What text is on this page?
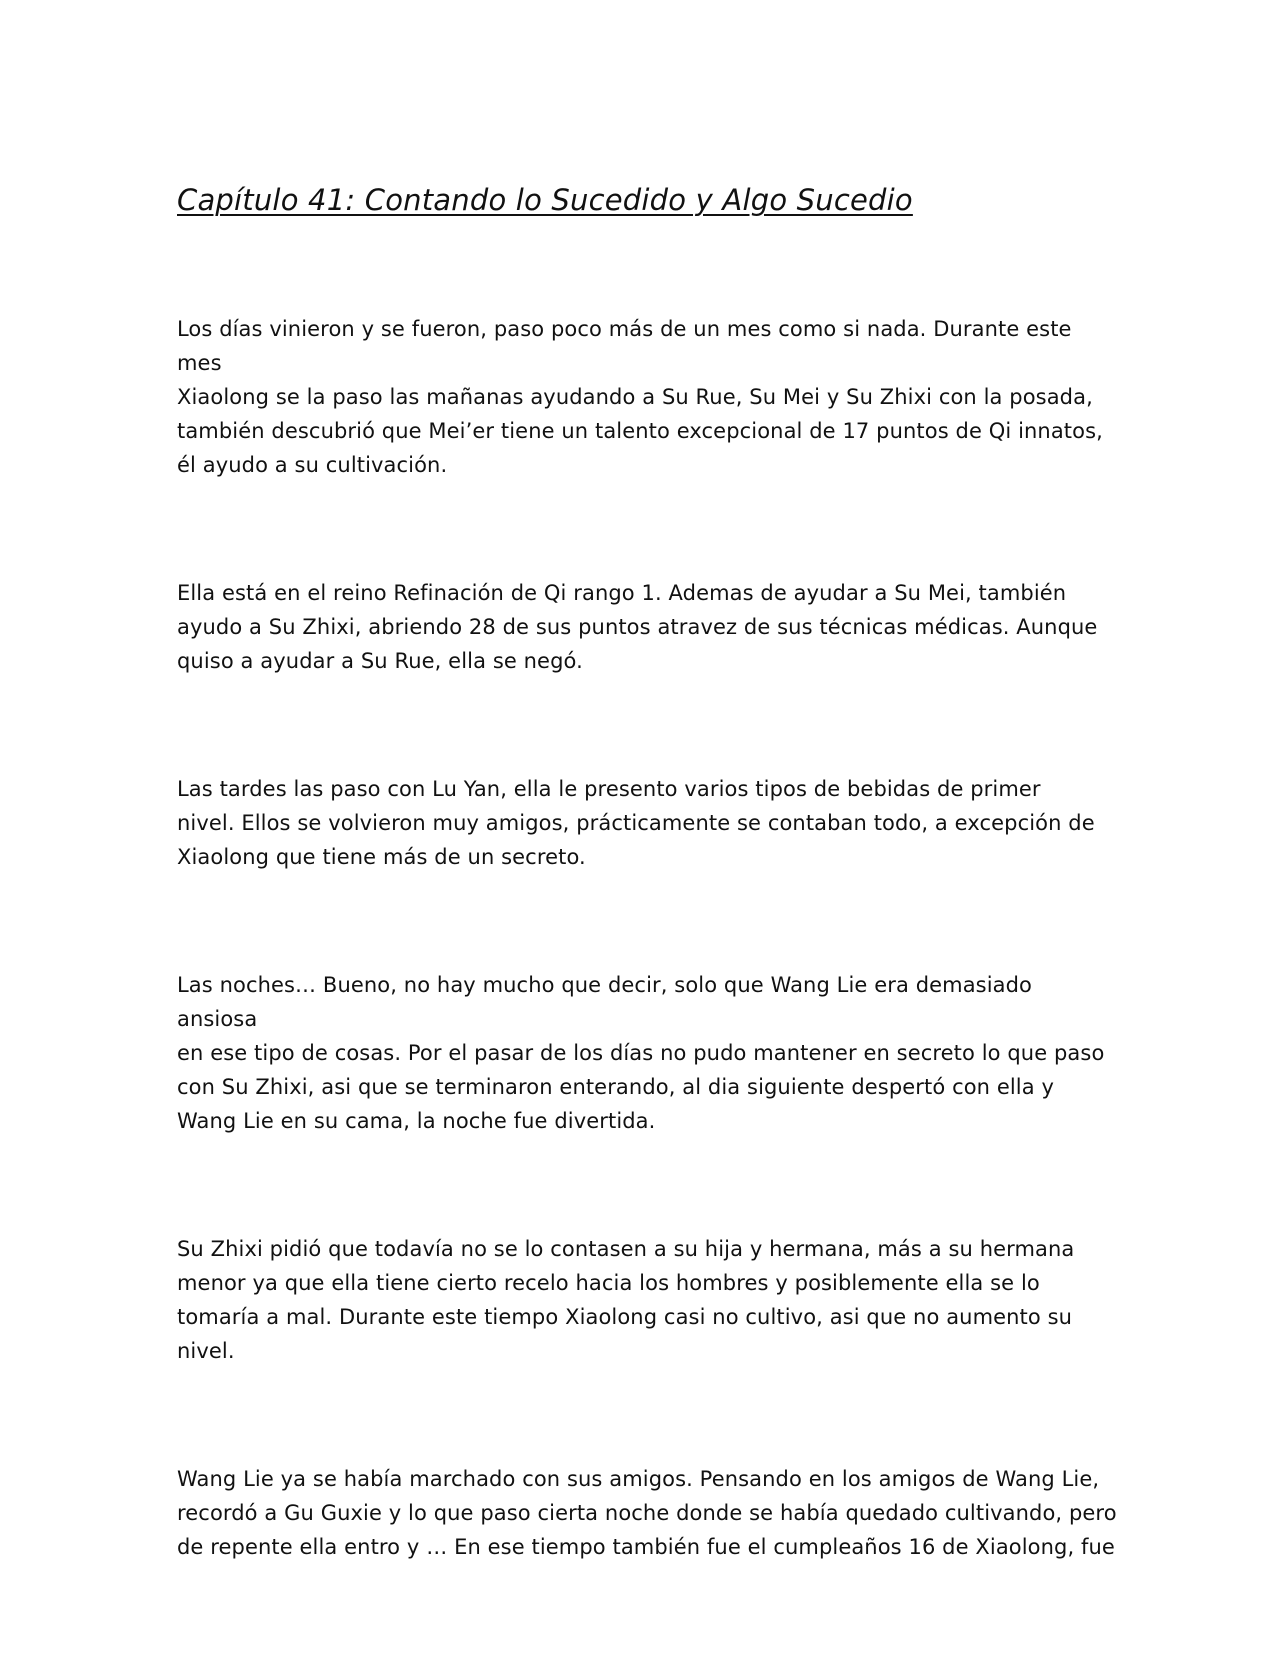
Capítulo 41: Contando lo Sucedido y Algo Sucedio

Los días vinieron y se fueron, paso poco más de un mes como si nada. Durante este mes
Xiaolong se la paso las mañanas ayudando a Su Rue, Su Mei y Su Zhixi con la posada,
también descubrió que Mei’er tiene un talento excepcional de 17 puntos de Qi innatos,
él ayudo a su cultivación.

Ella está en el reino Refinación de Qi rango 1. Ademas de ayudar a Su Mei, también
ayudo a Su Zhixi, abriendo 28 de sus puntos atravez de sus técnicas médicas. Aunque
quiso a ayudar a Su Rue, ella se negó.

Las tardes las paso con Lu Yan, ella le presento varios tipos de bebidas de primer
nivel. Ellos se volvieron muy amigos, prácticamente se contaban todo, a excepción de
Xiaolong que tiene más de un secreto.

Las noches… Bueno, no hay mucho que decir, solo que Wang Lie era demasiado ansiosa
en ese tipo de cosas. Por el pasar de los días no pudo mantener en secreto lo que paso
con Su Zhixi, asi que se terminaron enterando, al dia siguiente despertó con ella y
Wang Lie en su cama, la noche fue divertida.

Su Zhixi pidió que todavía no se lo contasen a su hija y hermana, más a su hermana
menor ya que ella tiene cierto recelo hacia los hombres y posiblemente ella se lo
tomaría a mal. Durante este tiempo Xiaolong casi no cultivo, asi que no aumento su
nivel.

Wang Lie ya se había marchado con sus amigos. Pensando en los amigos de Wang Lie,
recordó a Gu Guxie y lo que paso cierta noche donde se había quedado cultivando, pero
de repente ella entro y … En ese tiempo también fue el cumpleaños 16 de Xiaolong, fue
